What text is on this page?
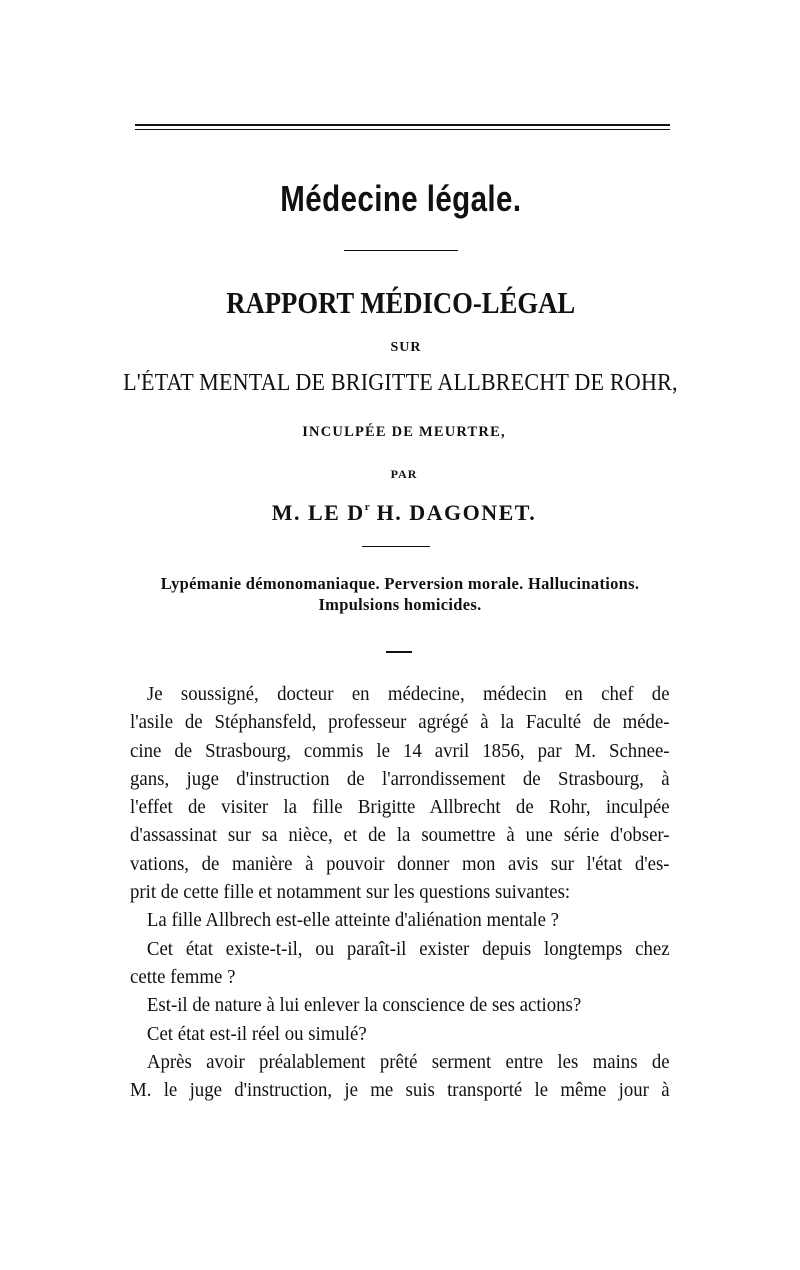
Médecine légale.
RAPPORT MÉDICO-LÉGAL
SUR
L'ÉTAT MENTAL DE BRIGITTE ALLBRECHT DE ROHR,
INCULPÉE DE MEURTRE,
PAR
M. LE $D^r$ H. DAGONET.
Lypémanie démonomaniaque. Perversion morale. Hallucinations.
Impulsions homicides.
Je soussigné, docteur en médecine, médecin en chef de
l'asile de Stéphansfeld, professeur agrégé à la Faculté de méde-
cine de Strasbourg, commis le 14 avril 1856, par M. Schnee-
gans, juge d'instruction de l'arrondissement de Strasbourg, à
l'effet de visiter la fille Brigitte Allbrecht de Rohr, inculpée
d'assassinat sur sa nièce, et de la soumettre à une série d'obser-
vations, de manière à pouvoir donner mon avis sur l'état d'es-
prit de cette fille et notamment sur les questions suivantes:
La fille Allbrech est-elle atteinte d'aliénation mentale ?
Cet état existe-t-il, ou paraît-il exister depuis longtemps chez
cette femme ?
Est-il de nature à lui enlever la conscience de ses actions?
Cet état est-il réel ou simulé?
Après avoir préalablement prêté serment entre les mains de
M. le juge d'instruction, je me suis transporté le même jour à
